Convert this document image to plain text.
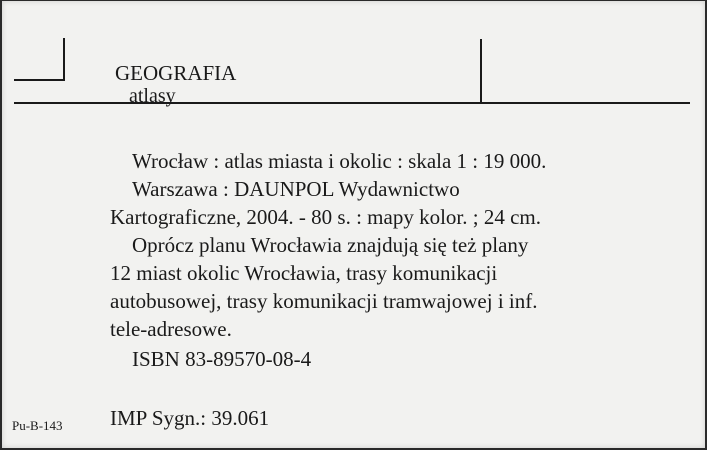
GEOGRAFIA
atlasy
Wrocław : atlas miasta i okolic : skala 1 : 19 000.
Warszawa : DAUNPOL Wydawnictwo
Kartograficzne, 2004. - 80 s. : mapy kolor. ; 24 cm.
Oprócz planu Wrocławia znajdują się też plany
12 miast okolic Wrocławia, trasy komunikacji
autobusowej, trasy komunikacji tramwajowej i inf.
tele-adresowe.
ISBN 83-89570-08-4
Pu-B-143 IMP Sygn.: 39.061
